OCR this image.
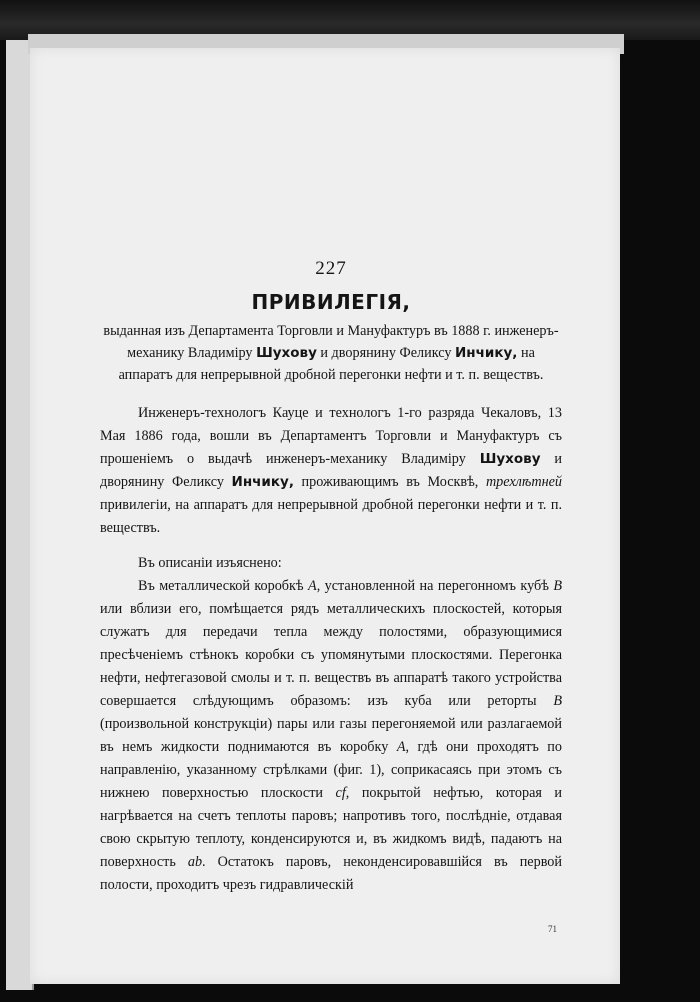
227
ПРИВИЛЕГІЯ,
выданная изъ Департамента Торговли и Мануфактуръ въ 1888 г. инженеръ-механику Владиміру Шухову и дворянину Феликсу Инчику, на аппаратъ для непрерывной дробной перегонки нефти и т. п. веществъ.

Инженеръ-технологъ Кауце и технологъ 1-го разряда Чекаловъ, 13 Мая 1886 года, вошли въ Департаментъ Торговли и Мануфактуръ съ прошеніемъ о выдачѣ инженеръ-механику Владиміру Шухову и дворянину Феликсу Инчику, проживающимъ въ Москвѣ, трехлѣтней привилегіи, на аппаратъ для непрерывной дробной перегонки нефти и т. п. веществъ.

Въ описаніи изъяснено:

Въ металлической коробкѣ A, установленной на перегонномъ кубѣ B или вблизи его, помѣщается рядъ металлическихъ плоскостей, которыя служатъ для передачи тепла между полостями, образующимися пресѣченіемъ стѣнокъ коробки съ упомянутыми плоскостями. Перегонка нефти, нефтегазовой смолы и т. п. веществъ въ аппаратѣ такого устройства совершается слѣдующимъ образомъ: изъ куба или реторты B (произвольной конструкціи) пары или газы перегоняемой или разлагаемой въ немъ жидкости поднимаются въ коробку A, гдѣ они проходятъ по направленію, указанному стрѣлками (фиг. 1), соприкасаясь при этомъ съ нижнею поверхностью плоскости cf, покрытой нефтью, которая и нагрѣвается на счетъ теплоты паровъ; напротивъ того, послѣдніе, отдавая свою скрытую теплоту, конденсируются и, въ жидкомъ видѣ, падаютъ на поверхность ab. Остатокъ паровъ, неконденсировавшійся въ первой полости, проходитъ чрезъ гидравлическій

71
